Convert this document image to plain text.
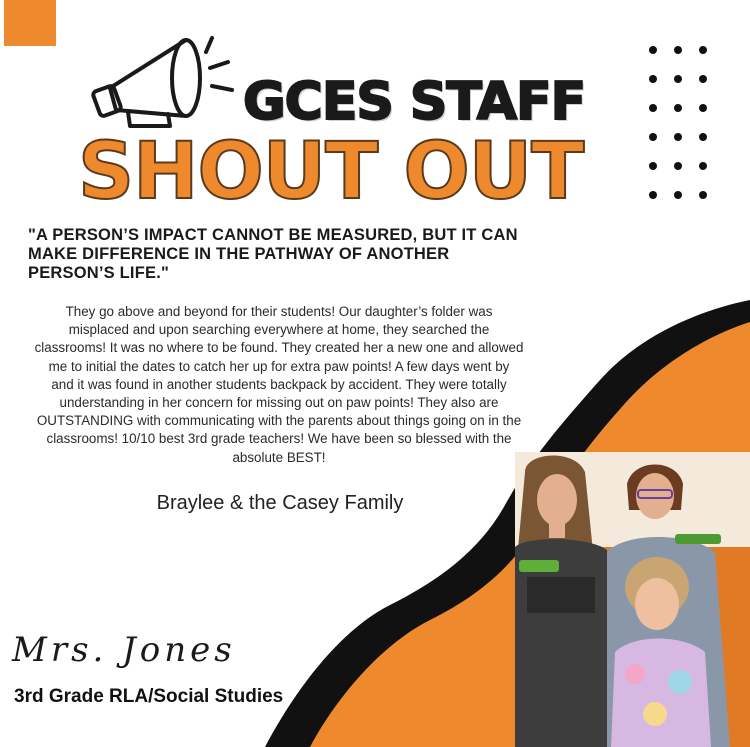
GCES STAFF
SHOUT OUT
"A PERSON’S IMPACT CANNOT BE MEASURED, BUT IT CAN MAKE DIFFERENCE IN THE PATHWAY OF ANOTHER PERSON’S LIFE."
They go above and beyond for their students! Our daughter’s folder was
misplaced and upon searching everywhere at home, they searched the
classrooms! It was no where to be found. They created her a new one and allowed
me to initial the dates to catch her up for extra paw points! A few days went by
and it was found in another students backpack by accident. They were totally
understanding in her concern for missing out on paw points! They also are
OUTSTANDING with communicating with the parents about things going on in the
classrooms! 10/10 best 3rd grade teachers! We have been so blessed with the
absolute BEST!
Braylee & the Casey Family
Mrs. Jones
3rd Grade RLA/Social Studies
